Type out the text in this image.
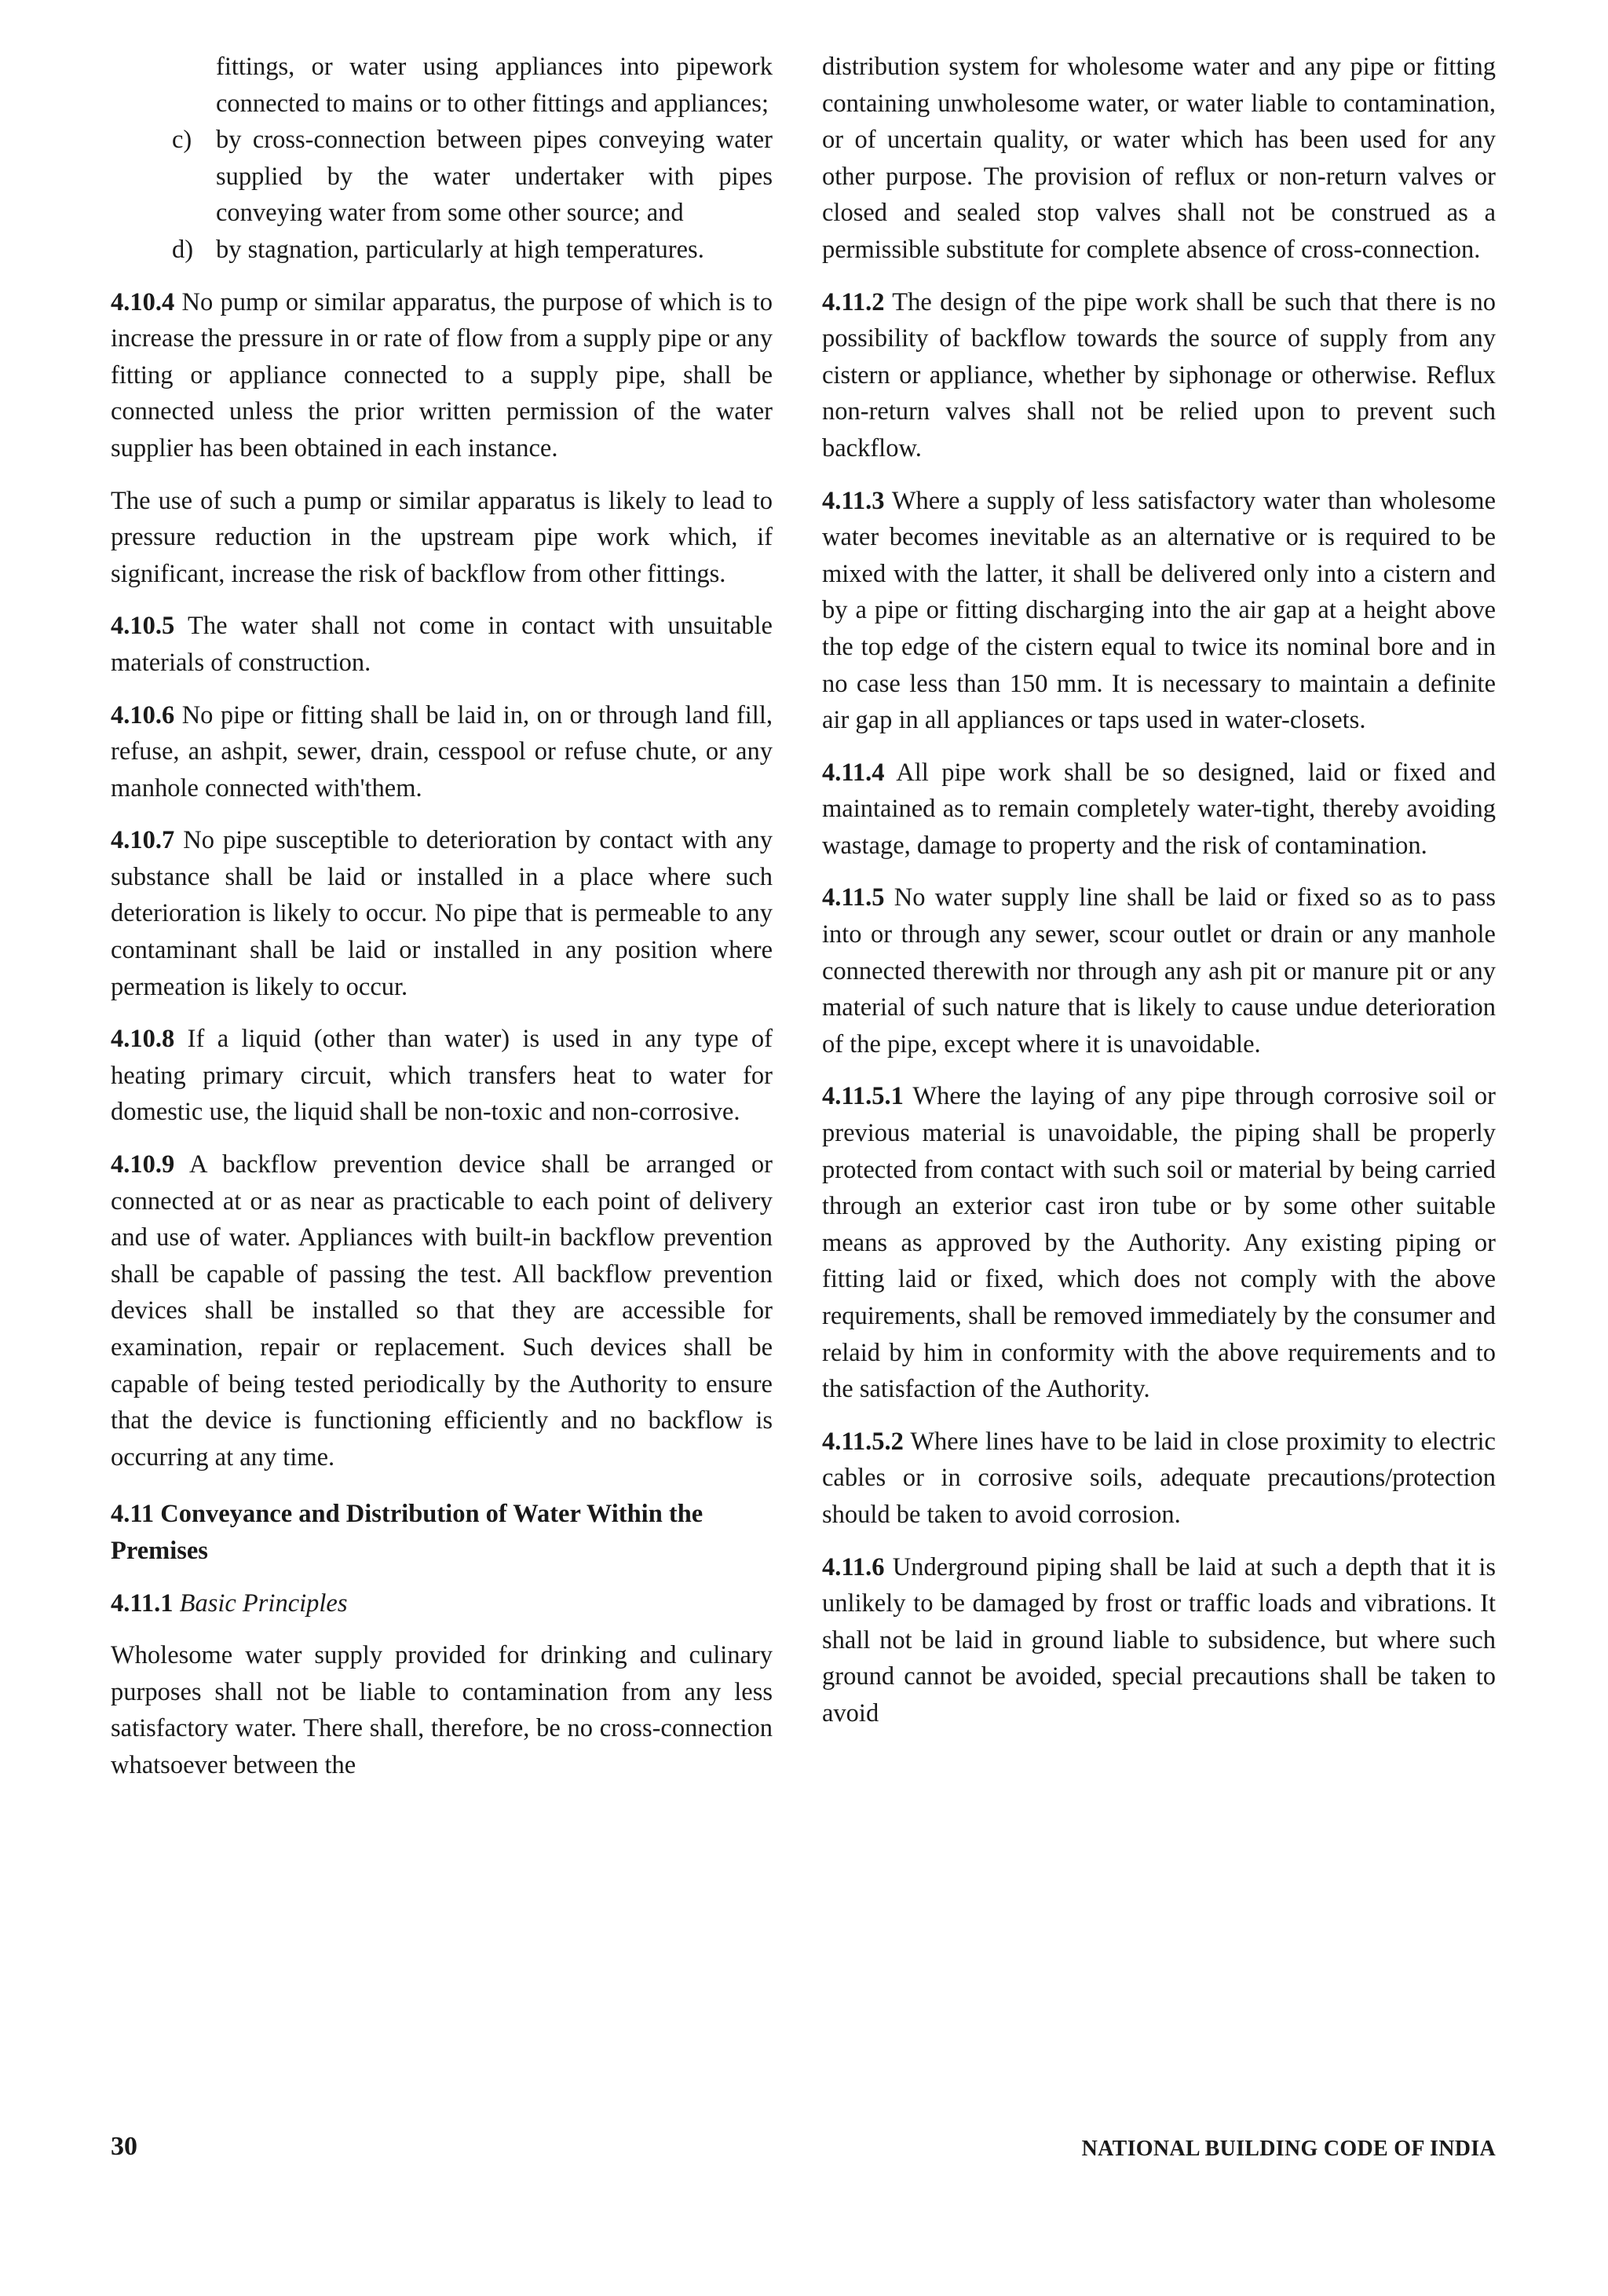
fittings, or water using appliances into pipework connected to mains or to other fittings and appliances;

c) by cross-connection between pipes conveying water supplied by the water undertaker with pipes conveying water from some other source; and
d) by stagnation, particularly at high temperatures.

4.10.4 No pump or similar apparatus, the purpose of which is to increase the pressure in or rate of flow from a supply pipe or any fitting or appliance connected to a supply pipe, shall be connected unless the prior written permission of the water supplier has been obtained in each instance.

The use of such a pump or similar apparatus is likely to lead to pressure reduction in the upstream pipe work which, if significant, increase the risk of backflow from other fittings.

4.10.5 The water shall not come in contact with unsuitable materials of construction.

4.10.6 No pipe or fitting shall be laid in, on or through land fill, refuse, an ashpit, sewer, drain, cesspool or refuse chute, or any manhole connected with'them.

4.10.7 No pipe susceptible to deterioration by contact with any substance shall be laid or installed in a place where such deterioration is likely to occur. No pipe that is permeable to any contaminant shall be laid or installed in any position where permeation is likely to occur.

4.10.8 If a liquid (other than water) is used in any type of heating primary circuit, which transfers heat to water for domestic use, the liquid shall be non-toxic and non-corrosive.

4.10.9 A backflow prevention device shall be arranged or connected at or as near as practicable to each point of delivery and use of water. Appliances with built-in backflow prevention shall be capable of passing the test. All backflow prevention devices shall be installed so that they are accessible for examination, repair or replacement. Such devices shall be capable of being tested periodically by the Authority to ensure that the device is functioning efficiently and no backflow is occurring at any time.

4.11 Conveyance and Distribution of Water Within the Premises

4.11.1 Basic Principles

Wholesome water supply provided for drinking and culinary purposes shall not be liable to contamination from any less satisfactory water. There shall, therefore, be no cross-connection whatsoever between the

distribution system for wholesome water and any pipe or fitting containing unwholesome water, or water liable to contamination, or of uncertain quality, or water which has been used for any other purpose. The provision of reflux or non-return valves or closed and sealed stop valves shall not be construed as a permissible substitute for complete absence of cross-connection.

4.11.2 The design of the pipe work shall be such that there is no possibility of backflow towards the source of supply from any cistern or appliance, whether by siphonage or otherwise. Reflux non-return valves shall not be relied upon to prevent such backflow.

4.11.3 Where a supply of less satisfactory water than wholesome water becomes inevitable as an alternative or is required to be mixed with the latter, it shall be delivered only into a cistern and by a pipe or fitting discharging into the air gap at a height above the top edge of the cistern equal to twice its nominal bore and in no case less than 150 mm. It is necessary to maintain a definite air gap in all appliances or taps used in water-closets.

4.11.4 All pipe work shall be so designed, laid or fixed and maintained as to remain completely water-tight, thereby avoiding wastage, damage to property and the risk of contamination.

4.11.5 No water supply line shall be laid or fixed so as to pass into or through any sewer, scour outlet or drain or any manhole connected therewith nor through any ash pit or manure pit or any material of such nature that is likely to cause undue deterioration of the pipe, except where it is unavoidable.

4.11.5.1 Where the laying of any pipe through corrosive soil or previous material is unavoidable, the piping shall be properly protected from contact with such soil or material by being carried through an exterior cast iron tube or by some other suitable means as approved by the Authority. Any existing piping or fitting laid or fixed, which does not comply with the above requirements, shall be removed immediately by the consumer and relaid by him in conformity with the above requirements and to the satisfaction of the Authority.

4.11.5.2 Where lines have to be laid in close proximity to electric cables or in corrosive soils, adequate precautions/protection should be taken to avoid corrosion.

4.11.6 Underground piping shall be laid at such a depth that it is unlikely to be damaged by frost or traffic loads and vibrations. It shall not be laid in ground liable to subsidence, but where such ground cannot be avoided, special precautions shall be taken to avoid

30	NATIONAL BUILDING CODE OF INDIA
